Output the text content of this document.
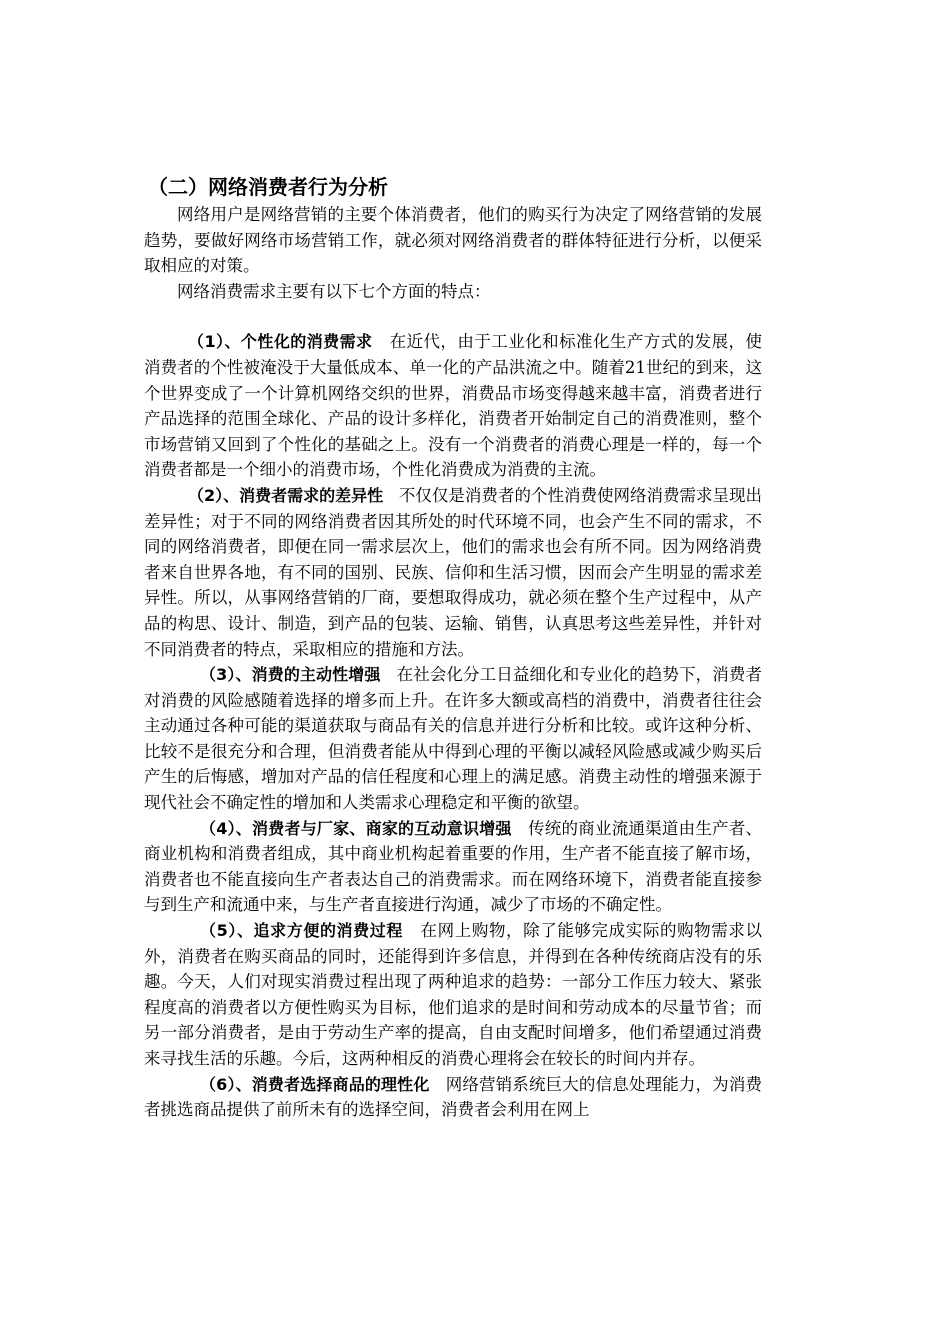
（二）网络消费者行为分析

网络用户是网络营销的主要个体消费者，他们的购买行为决定了网络营销的发展趋势，要做好网络市场营销工作，就必须对网络消费者的群体特征进行分析，以便采取相应的对策。

网络消费需求主要有以下七个方面的特点：

（1）、个性化的消费需求 在近代，由于工业化和标准化生产方式的发展，使消费者的个性被淹没于大量低成本、单一化的产品洪流之中。随着21世纪的到来，这个世界变成了一个计算机网络交织的世界，消费品市场变得越来越丰富，消费者进行产品选择的范围全球化、产品的设计多样化，消费者开始制定自己的消费准则，整个市场营销又回到了个性化的基础之上。没有一个消费者的消费心理是一样的，每一个消费者都是一个细小的消费市场，个性化消费成为消费的主流。

（2）、消费者需求的差异性 不仅仅是消费者的个性消费使网络消费需求呈现出差异性；对于不同的网络消费者因其所处的时代环境不同，也会产生不同的需求，不同的网络消费者，即便在同一需求层次上，他们的需求也会有所不同。因为网络消费者来自世界各地，有不同的国别、民族、信仰和生活习惯，因而会产生明显的需求差异性。所以，从事网络营销的厂商，要想取得成功，就必须在整个生产过程中，从产品的构思、设计、制造，到产品的包装、运输、销售，认真思考这些差异性，并针对不同消费者的特点，采取相应的措施和方法。

（3）、消费的主动性增强 在社会化分工日益细化和专业化的趋势下，消费者对消费的风险感随着选择的增多而上升。在许多大额或高档的消费中，消费者往往会主动通过各种可能的渠道获取与商品有关的信息并进行分析和比较。或许这种分析、比较不是很充分和合理，但消费者能从中得到心理的平衡以减轻风险感或减少购买后产生的后悔感，增加对产品的信任程度和心理上的满足感。消费主动性的增强来源于现代社会不确定性的增加和人类需求心理稳定和平衡的欲望。

（4）、消费者与厂家、商家的互动意识增强 传统的商业流通渠道由生产者、商业机构和消费者组成，其中商业机构起着重要的作用，生产者不能直接了解市场，消费者也不能直接向生产者表达自己的消费需求。而在网络环境下，消费者能直接参与到生产和流通中来，与生产者直接进行沟通，减少了市场的不确定性。

（5）、追求方便的消费过程 在网上购物，除了能够完成实际的购物需求以外，消费者在购买商品的同时，还能得到许多信息，并得到在各种传统商店没有的乐趣。今天，人们对现实消费过程出现了两种追求的趋势：一部分工作压力较大、紧张程度高的消费者以方便性购买为目标，他们追求的是时间和劳动成本的尽量节省；而另一部分消费者，是由于劳动生产率的提高，自由支配时间增多，他们希望通过消费来寻找生活的乐趣。今后，这两种相反的消费心理将会在较长的时间内并存。

（6）、消费者选择商品的理性化 网络营销系统巨大的信息处理能力，为消费者挑选商品提供了前所未有的选择空间，消费者会利用在网上
